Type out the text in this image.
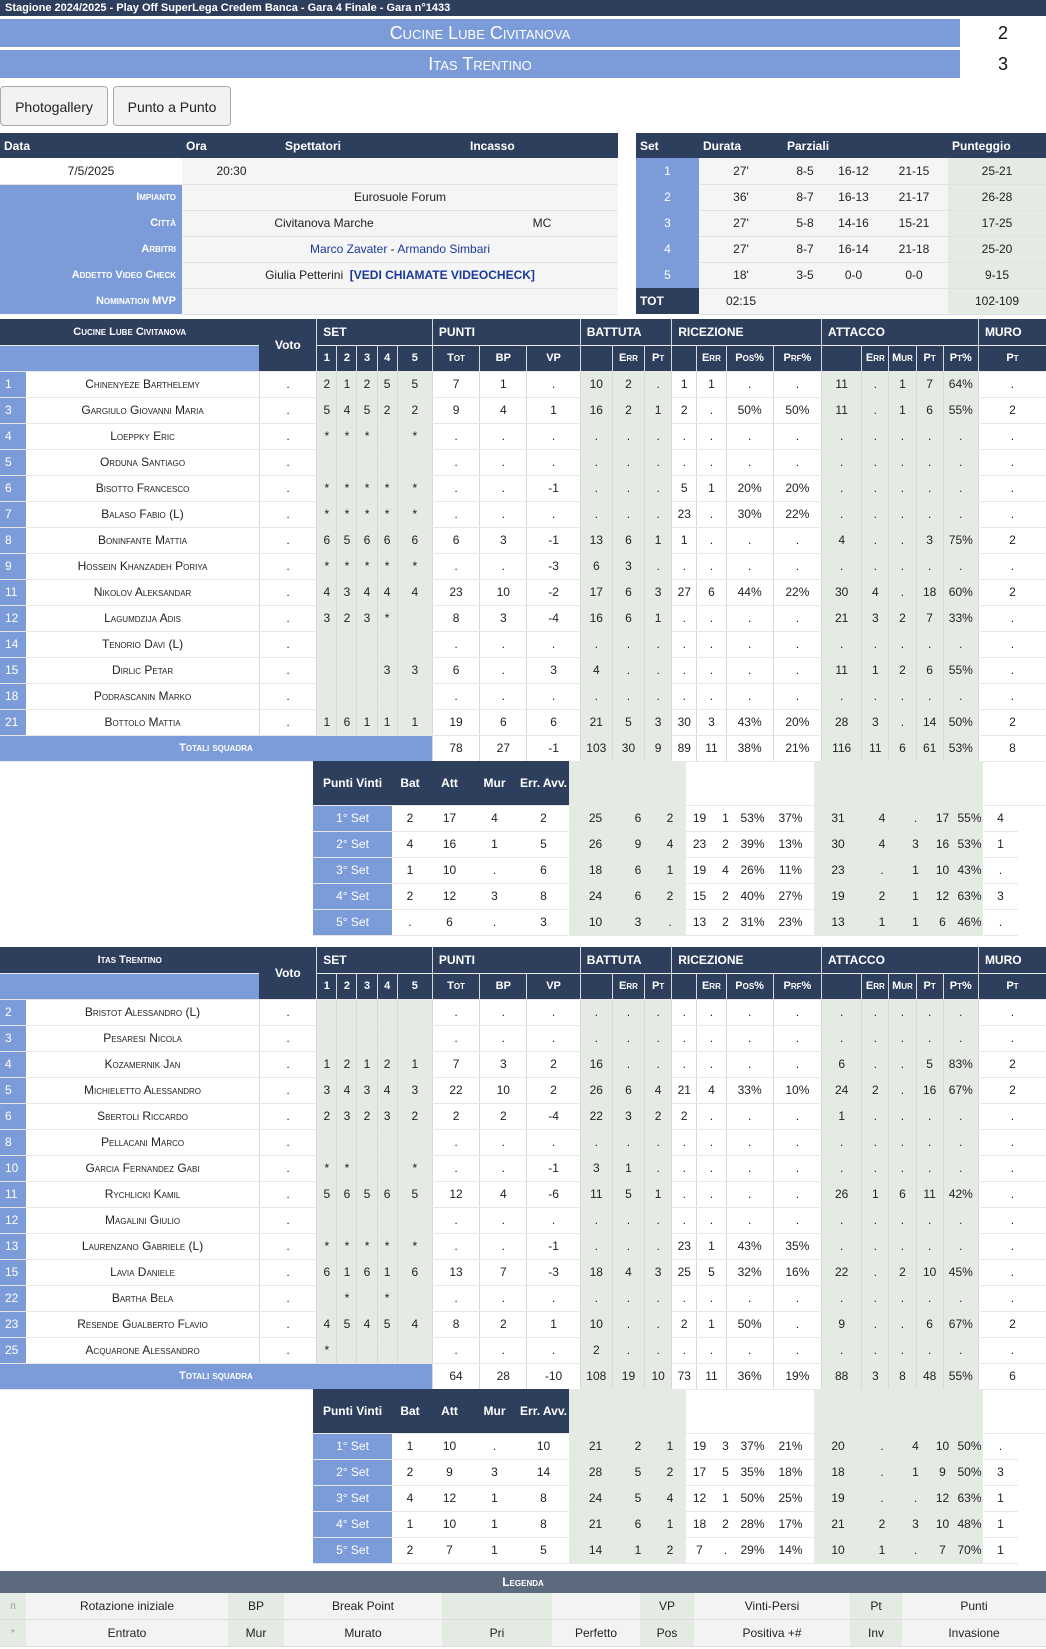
Stagione 2024/2025 - Play Off SuperLega Credem Banca - Gara 4 Finale - Gara n°1433
Cucine Lube Civitanova	2
Itas Trentino	3
Photogallery	Punto a Punto
Data	Ora	Spettatori	Incasso
7/5/2025	20:30		
Impianto	Eurosuole Forum		
Città	Civitanova Marche		MC
Arbitri	Marco Zavater - Armando Simbari		
Addetto Video Check	Giulia Petterini [VEDI CHIAMATE VIDEOCHECK]		
Nomination MVP			
Set	Durata	Parziali			Punteggio
1	27'	8-5	16-12	21-15	25-21
2	36'	8-7	16-13	21-17	26-28
3	27'	5-8	14-16	15-21	17-25
4	27'	8-7	16-14	21-18	25-20
5	18'	3-5	0-0	0-0	9-15
TOT	02:15				102-109
Cucine Lube Civitanova		Voto	SET					PUNTI			BATTUTA			RICEZIONE				ATTACCO					MURO
			1	2	3	4	5	Tot	BP	VP		Err	Pt		Err	Pos%	Prf%		Err	Mur	Pt	Pt%	Pt
1	Chinenyeze Barthelemy	.	2	1	2	5	5	7	1	.	10	2	.	1	1	.	.	11	.	1	7	64%	.
3	Gargiulo Giovanni Maria	.	5	4	5	2	2	9	4	1	16	2	1	2	.	50%	50%	11	.	1	6	55%	2
4	Loeppky Eric	.	*	*	*		*	.	.	.	.	.	.	.	.	.	.	.	.	.	.	.	.
5	Orduna Santiago	.						.	.	.	.	.	.	.	.	.	.	.	.	.	.	.	.
6	Bisotto Francesco	.	*	*	*	*	*	.	.	-1	.	.	.	5	1	20%	20%	.	.	.	.	.	.
7	Balaso Fabio (L)	.	*	*	*	*	*	.	.	.	.	.	.	23	.	30%	22%	.	.	.	.	.	.
8	Boninfante Mattia	.	6	5	6	6	6	6	3	-1	13	6	1	1	.	.	.	4	.	.	3	75%	2
9	Hossein Khanzadeh Poriya	.	*	*	*	*	*	.	.	-3	6	3	.	.	.	.	.	.	.	.	.	.	.
11	Nikolov Aleksandar	.	4	3	4	4	4	23	10	-2	17	6	3	27	6	44%	22%	30	4	.	18	60%	2
12	Lagumdzija Adis	.	3	2	3	*		8	3	-4	16	6	1	.	.	.	.	21	3	2	7	33%	.
14	Tenorio Davi (L)	.						.	.	.	.	.	.	.	.	.	.	.	.	.	.	.	.
15	Dirlic Petar	.				3	3	6	.	3	4	.	.	.	.	.	.	11	1	2	6	55%	.
18	Podrascanin Marko	.						.	.	.	.	.	.	.	.	.	.	.	.	.	.	.	.
21	Bottolo Mattia	.	1	6	1	1	1	19	6	6	21	5	3	30	3	43%	20%	28	3	.	14	50%	2
Totali squadra								78	27	-1	103	30	9	89	11	38%	21%	116	11	6	61	53%	8
Punti Vinti	Bat	Att	Mur	Err. Avv.														
1° Set	2	17	4	2	25	6	2	19	1	53%	37%	31	4	.	17	55%	4	
2° Set	4	16	1	5	26	9	4	23	2	39%	13%	30	4	3	16	53%	1	
3° Set	1	10	.	6	18	6	1	19	4	26%	11%	23	.	1	10	43%	.	
4° Set	2	12	3	8	24	6	2	15	2	40%	27%	19	2	1	12	63%	3	
5° Set	.	6	.	3	10	3	.	13	2	31%	23%	13	1	1	6	46%	.	
Itas Trentino		Voto	SET					PUNTI			BATTUTA			RICEZIONE				ATTACCO					MURO
			1	2	3	4	5	Tot	BP	VP		Err	Pt		Err	Pos%	Prf%		Err	Mur	Pt	Pt%	Pt
2	Bristot Alessandro (L)	.						.	.	.	.	.	.	.	.	.	.	.	.	.	.	.	.
3	Pesaresi Nicola	.						.	.	.	.	.	.	.	.	.	.	.	.	.	.	.	.
4	Kozamernik Jan	.	1	2	1	2	1	7	3	2	16	.	.	.	.	.	.	6	.	.	5	83%	2
5	Michieletto Alessandro	.	3	4	3	4	3	22	10	2	26	6	4	21	4	33%	10%	24	2	.	16	67%	2
6	Sbertoli Riccardo	.	2	3	2	3	2	2	2	-4	22	3	2	2	.	.	.	1	.	.	.	.	.
8	Pellacani Marco	.						.	.	.	.	.	.	.	.	.	.	.	.	.	.	.	.
10	Garcia Fernandez Gabi	.	*	*			*	.	.	-1	3	1	.	.	.	.	.	.	.	.	.	.	.
11	Rychlicki Kamil	.	5	6	5	6	5	12	4	-6	11	5	1	.	.	.	.	26	1	6	11	42%	.
12	Magalini Giulio	.						.	.	.	.	.	.	.	.	.	.	.	.	.	.	.	.
13	Laurenzano Gabriele (L)	.	*	*	*	*	*	.	.	-1	.	.	.	23	1	43%	35%	.	.	.	.	.	.
15	Lavia Daniele	.	6	1	6	1	6	13	7	-3	18	4	3	25	5	32%	16%	22	.	2	10	45%	.
22	Bartha Bela	.		*		*		.	.	.	.	.	.	.	.	.	.	.	.	.	.	.	.
23	Resende Gualberto Flavio	.	4	5	4	5	4	8	2	1	10	.	.	2	1	50%	.	9	.	.	6	67%	2
25	Acquarone Alessandro	.	*					.	.	.	2	.	.	.	.	.	.	.	.	.	.	.	.
Totali squadra								64	28	-10	108	19	10	73	11	36%	19%	88	3	8	48	55%	6
Punti Vinti	Bat	Att	Mur	Err. Avv.														
1° Set	1	10	.	10	21	2	1	19	3	37%	21%	20	.	4	10	50%	.	
2° Set	2	9	3	14	28	5	2	17	5	35%	18%	18	.	1	9	50%	3	
3° Set	4	12	1	8	24	5	4	12	1	50%	25%	19	.	.	12	63%	1	
4° Set	1	10	1	8	21	6	1	18	2	28%	17%	21	2	3	10	48%	1	
5° Set	2	7	1	5	14	1	2	7	.	29%	14%	10	1	.	7	70%	1	
Legenda
n	Rotazione iniziale	BP	Break Point			VP	Vinti-Persi	Pt	Punti
*	Entrato	Mur	Murato	Pri	Perfetto	Pos	Positiva +#	Inv	Invasione
